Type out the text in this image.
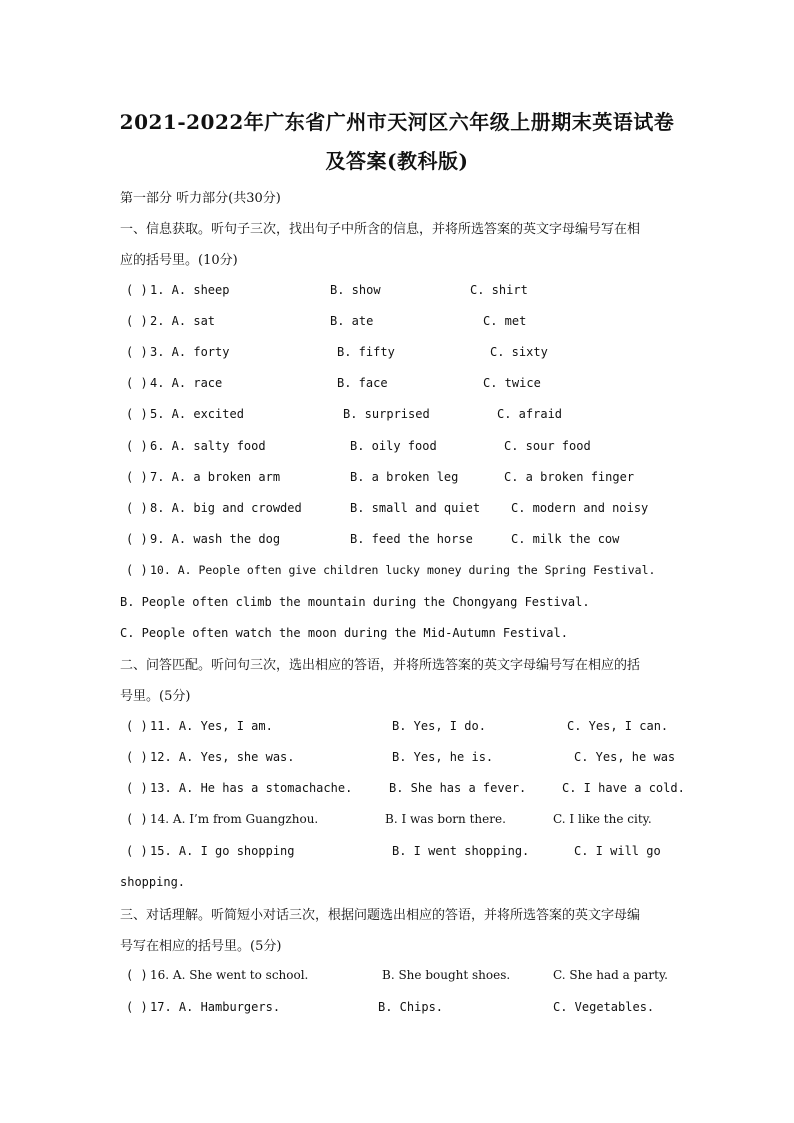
2021-2022年广东省广州市天河区六年级上册期末英语试卷
及答案(教科版)
第一部分 听力部分(共30分)
一、信息获取。听句子三次，找出句子中所含的信息，并将所选答案的英文字母编号写在相
应的括号里。(10分)
( ) 1. A. sheep	B. show	C. shirt
( ) 2. A. sat	B. ate	C. met
( ) 3. A. forty	B. fifty	C. sixty
( ) 4. A. race	B. face	C. twice
( ) 5. A. excited	B. surprised	C. afraid
( ) 6. A. salty food	B. oily food	C. sour food
( ) 7. A. a broken arm	B. a broken leg	C. a broken finger
( ) 8. A. big and crowded	B. small and quiet	C. modern and noisy
( ) 9. A. wash the dog	B. feed the horse	C. milk the cow
( ) 10. A. People often give children lucky money during the Spring Festival.
B. People often climb the mountain during the Chongyang Festival.
C. People often watch the moon during the Mid-Autumn Festival.
二、问答匹配。听问句三次，选出相应的答语，并将所选答案的英文字母编号写在相应的括
号里。(5分)
( ) 11. A. Yes, I am.	B. Yes, I do.	C. Yes, I can.
( ) 12. A. Yes, she was.	B. Yes, he is.	C. Yes, he was
( ) 13. A. He has a stomachache.	B. She has a fever.	C. I have a cold.
( ) 14. A. I’m from Guangzhou.	B. I was born there.	C. I like the city.
( ) 15. A. I go shopping	B. I went shopping.	C. I will go
shopping.
三、对话理解。听简短小对话三次，根据问题选出相应的答语，并将所选答案的英文字母编
号写在相应的括号里。(5分)
( ) 16. A. She went to school.	B. She bought shoes.	C. She had a party.
( ) 17. A. Hamburgers.	B. Chips.	C. Vegetables.
